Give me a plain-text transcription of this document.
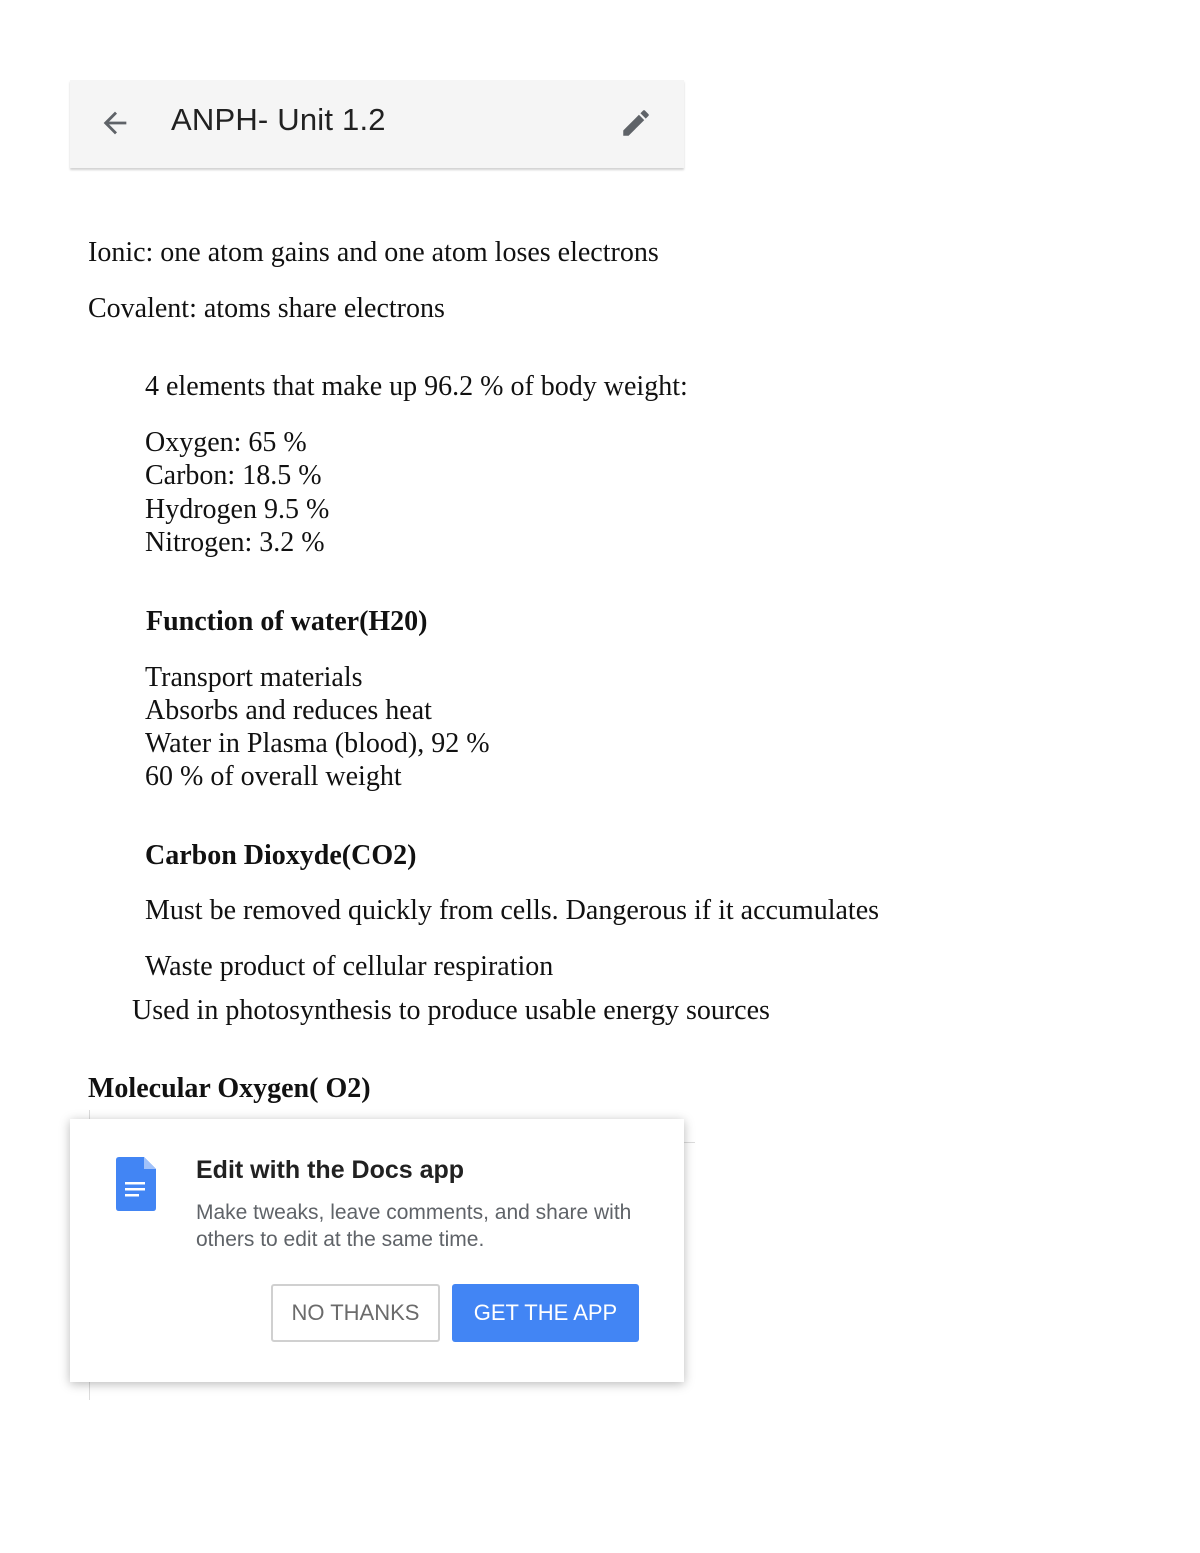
ANPH- Unit 1.2

Ionic: one atom gains and one atom loses electrons

Covalent: atoms share electrons

4 elements that make up 96.2 % of body weight:

Oxygen: 65 %

Carbon: 18.5 %

Hydrogen 9.5 %

Nitrogen: 3.2 %

Function of water(H20)

Transport materials

Absorbs and reduces heat

Water in Plasma (blood), 92 %

60 % of overall weight

Carbon Dioxyde(CO2)

Must be removed quickly from cells. Dangerous if it accumulates

Waste product of cellular respiration

Used in photosynthesis to produce usable energy sources

Molecular Oxygen( O2)

Edit with the Docs app
Make tweaks, leave comments, and share with others to edit at the same time.
NO THANKS	GET THE APP
